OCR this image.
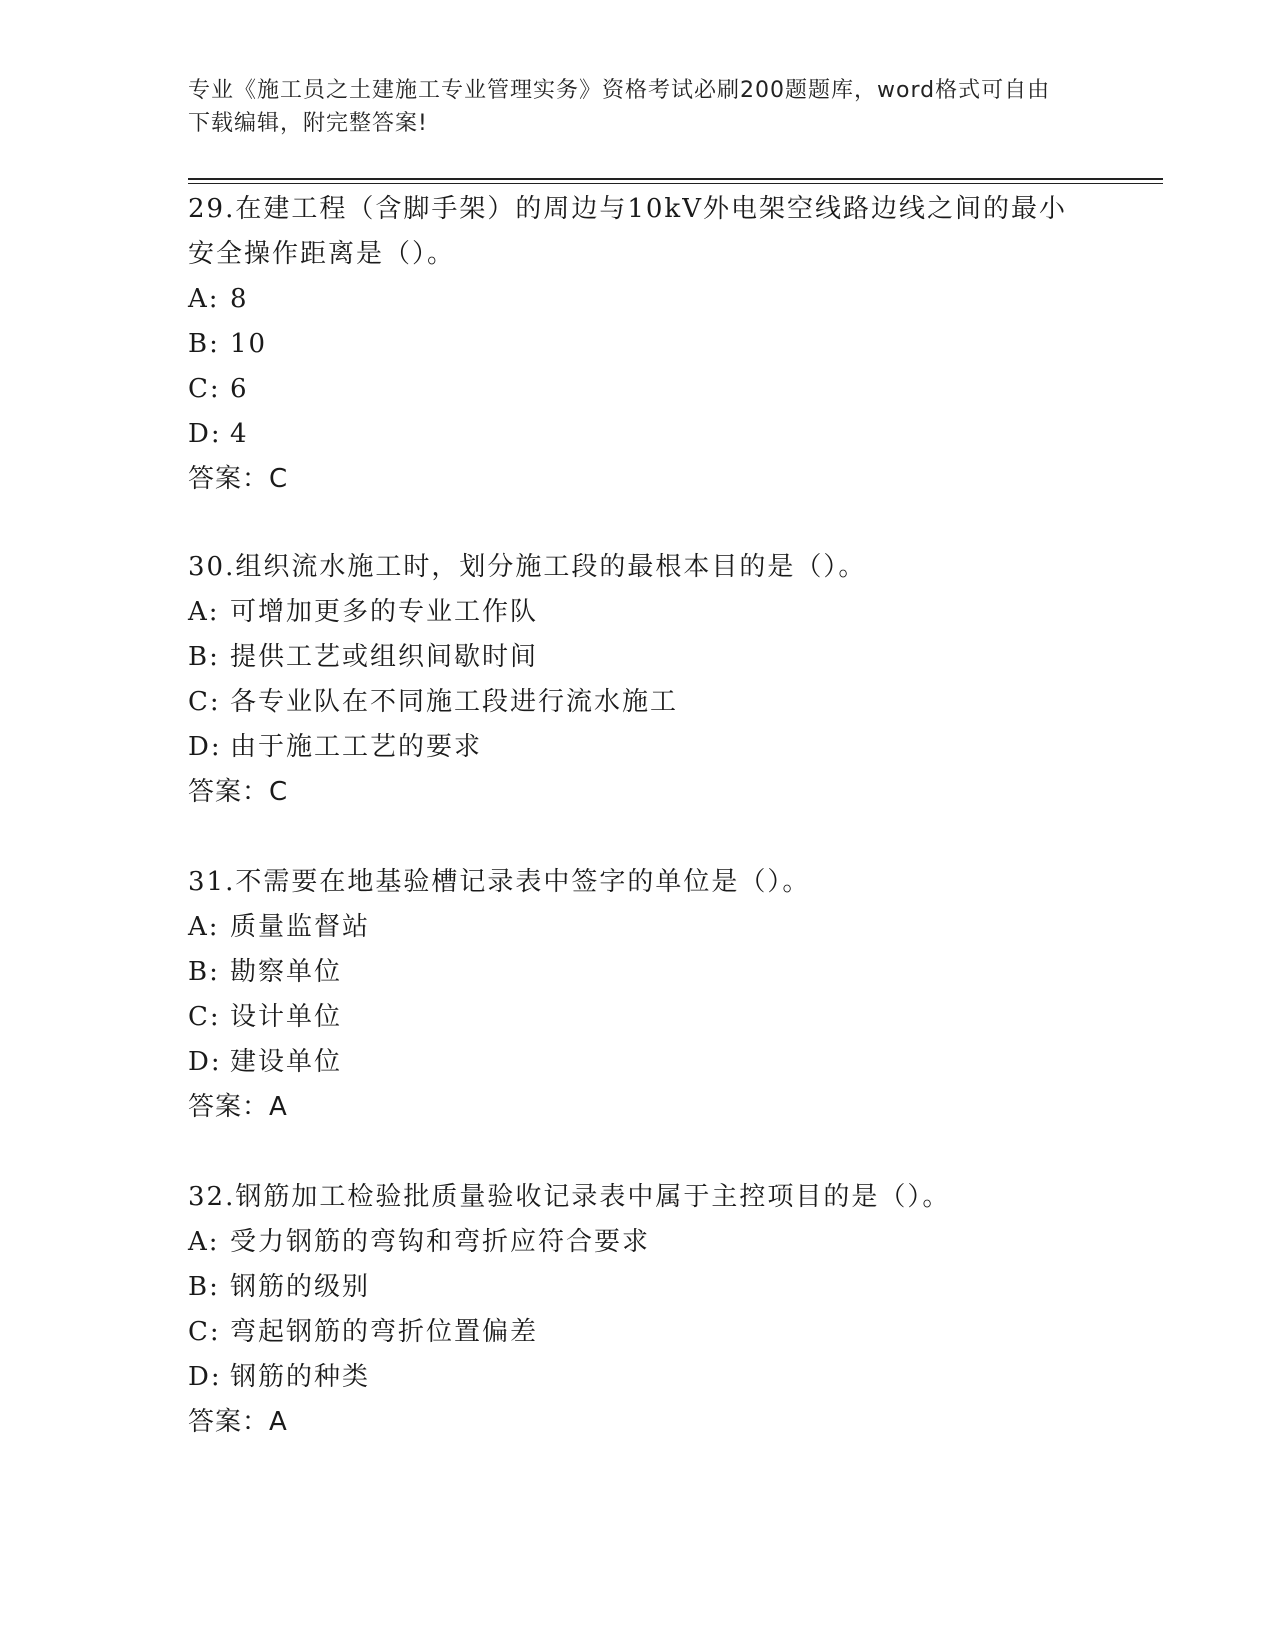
专业《施工员之土建施工专业管理实务》资格考试必刷200题题库，word格式可自由下载编辑，附完整答案!

29.在建工程（含脚手架）的周边与10kV外电架空线路边线之间的最小安全操作距离是（）。

A: 8

B: 10

C: 6

D: 4

答案：C

30.组织流水施工时，划分施工段的最根本目的是（）。

A: 可增加更多的专业工作队

B: 提供工艺或组织间歇时间

C: 各专业队在不同施工段进行流水施工

D: 由于施工工艺的要求

答案：C

31.不需要在地基验槽记录表中签字的单位是（）。

A: 质量监督站

B: 勘察单位

C: 设计单位

D: 建设单位

答案：A

32.钢筋加工检验批质量验收记录表中属于主控项目的是（）。

A: 受力钢筋的弯钩和弯折应符合要求

B: 钢筋的级别

C: 弯起钢筋的弯折位置偏差

D: 钢筋的种类

答案：A
